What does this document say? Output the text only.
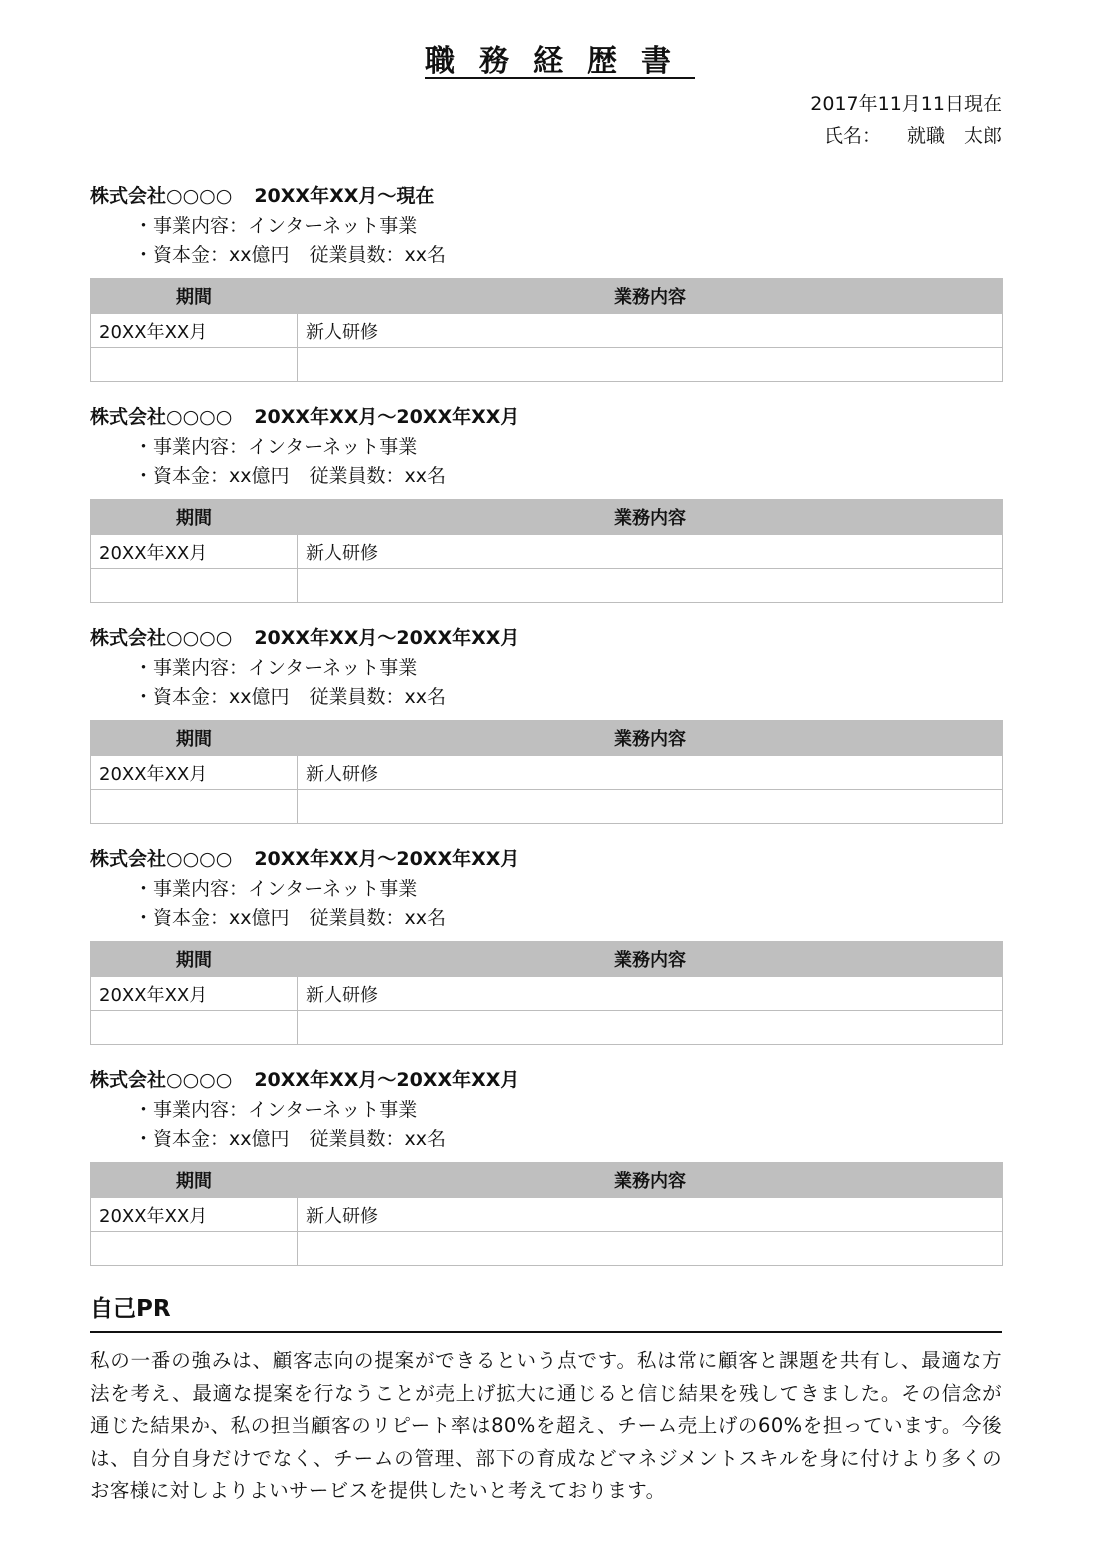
職務経歴書
2017年11月11日現在
氏名： 就職　太郎
株式会社○○○○ 20XX年XX月〜現在
・事業内容：インターネット事業
・資本金：xx億円 従業員数：xx名
期間	業務内容
20XX年XX月	新人研修

株式会社○○○○ 20XX年XX月〜20XX年XX月
・事業内容：インターネット事業
・資本金：xx億円 従業員数：xx名
期間	業務内容
20XX年XX月	新人研修

株式会社○○○○ 20XX年XX月〜20XX年XX月
・事業内容：インターネット事業
・資本金：xx億円 従業員数：xx名
期間	業務内容
20XX年XX月	新人研修

株式会社○○○○ 20XX年XX月〜20XX年XX月
・事業内容：インターネット事業
・資本金：xx億円 従業員数：xx名
期間	業務内容
20XX年XX月	新人研修

株式会社○○○○ 20XX年XX月〜20XX年XX月
・事業内容：インターネット事業
・資本金：xx億円 従業員数：xx名
期間	業務内容
20XX年XX月	新人研修

自己PR

私の一番の強みは、顧客志向の提案ができるという点です。私は常に顧客と課題を共有し、最適な方法を考え、最適な提案を行なうことが売上げ拡大に通じると信じ結果を残してきました。その信念が通じた結果か、私の担当顧客のリピート率は80%を超え、チーム売上げの60%を担っています。今後は、自分自身だけでなく、チームの管理、部下の育成などマネジメントスキルを身に付けより多くのお客様に対しよりよいサービスを提供したいと考えております。
